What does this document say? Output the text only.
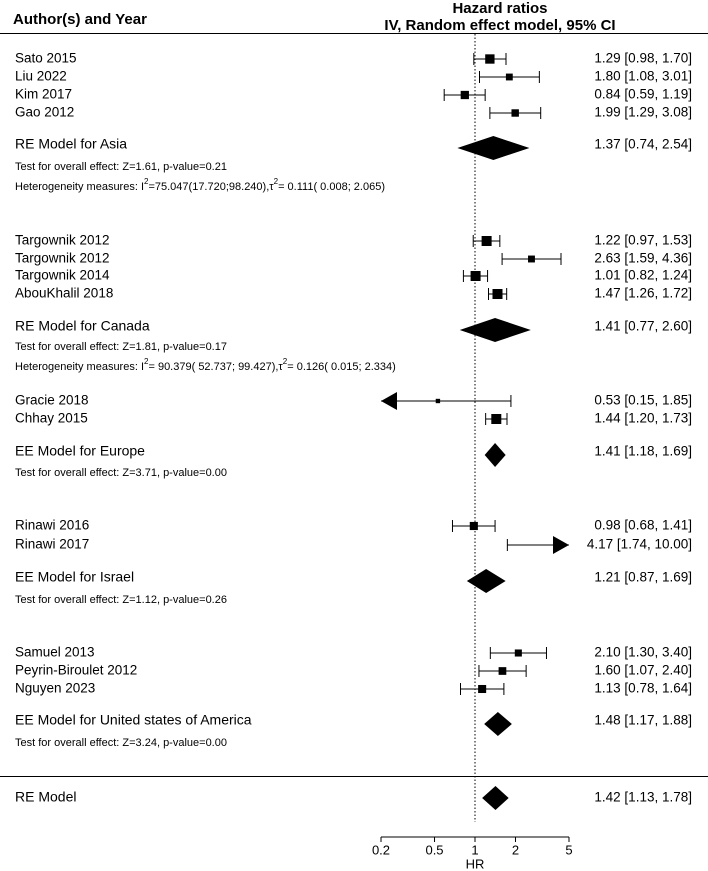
Author(s) and Year
Hazard ratios
IV, Random effect model, 95% CI
Sato 2015	1.29 [0.98, 1.70]
Liu 2022	1.80 [1.08, 3.01]
Kim 2017	0.84 [0.59, 1.19]
Gao 2012	1.99 [1.29, 3.08]
RE Model for Asia	1.37 [0.74, 2.54]
Test for overall effect: Z=1.61, p-value=0.21
Heterogeneity measures: $I^2=75.047(17.720;98.240),\tau^2= 0.111$( 0.008; 2.065)
Targownik 2012	1.22 [0.97, 1.53]
Targownik 2012	2.63 [1.59, 4.36]
Targownik 2014	1.01 [0.82, 1.24]
AbouKhalil 2018	1.47 [1.26, 1.72]
RE Model for Canada	1.41 [0.77, 2.60]
Test for overall effect: Z=1.81, p-value=0.17
Heterogeneity measures: $I^2= 90.379$( 52.737; $99.427),\tau^2= 0.126$( 0.015; 2.334)
Gracie 2018	0.53 [0.15, 1.85]
Chhay 2015	1.44 [1.20, 1.73]
EE Model for Europe	1.41 [1.18, 1.69]
Test for overall effect: Z=3.71, p-value=0.00
Rinawi 2016	0.98 [0.68, 1.41]
Rinawi 2017	4.17 [1.74, 10.00]
EE Model for Israel	1.21 [0.87, 1.69]
Test for overall effect: Z=1.12, p-value=0.26
Samuel 2013	2.10 [1.30, 3.40]
Peyrin-Biroulet 2012	1.60 [1.07, 2.40]
Nguyen 2023	1.13 [0.78, 1.64]
EE Model for United states of America	1.48 [1.17, 1.88]
Test for overall effect: Z=3.24, p-value=0.00
RE Model	1.42 [1.13, 1.78]
0.2	0.5 1	2	5
HR
